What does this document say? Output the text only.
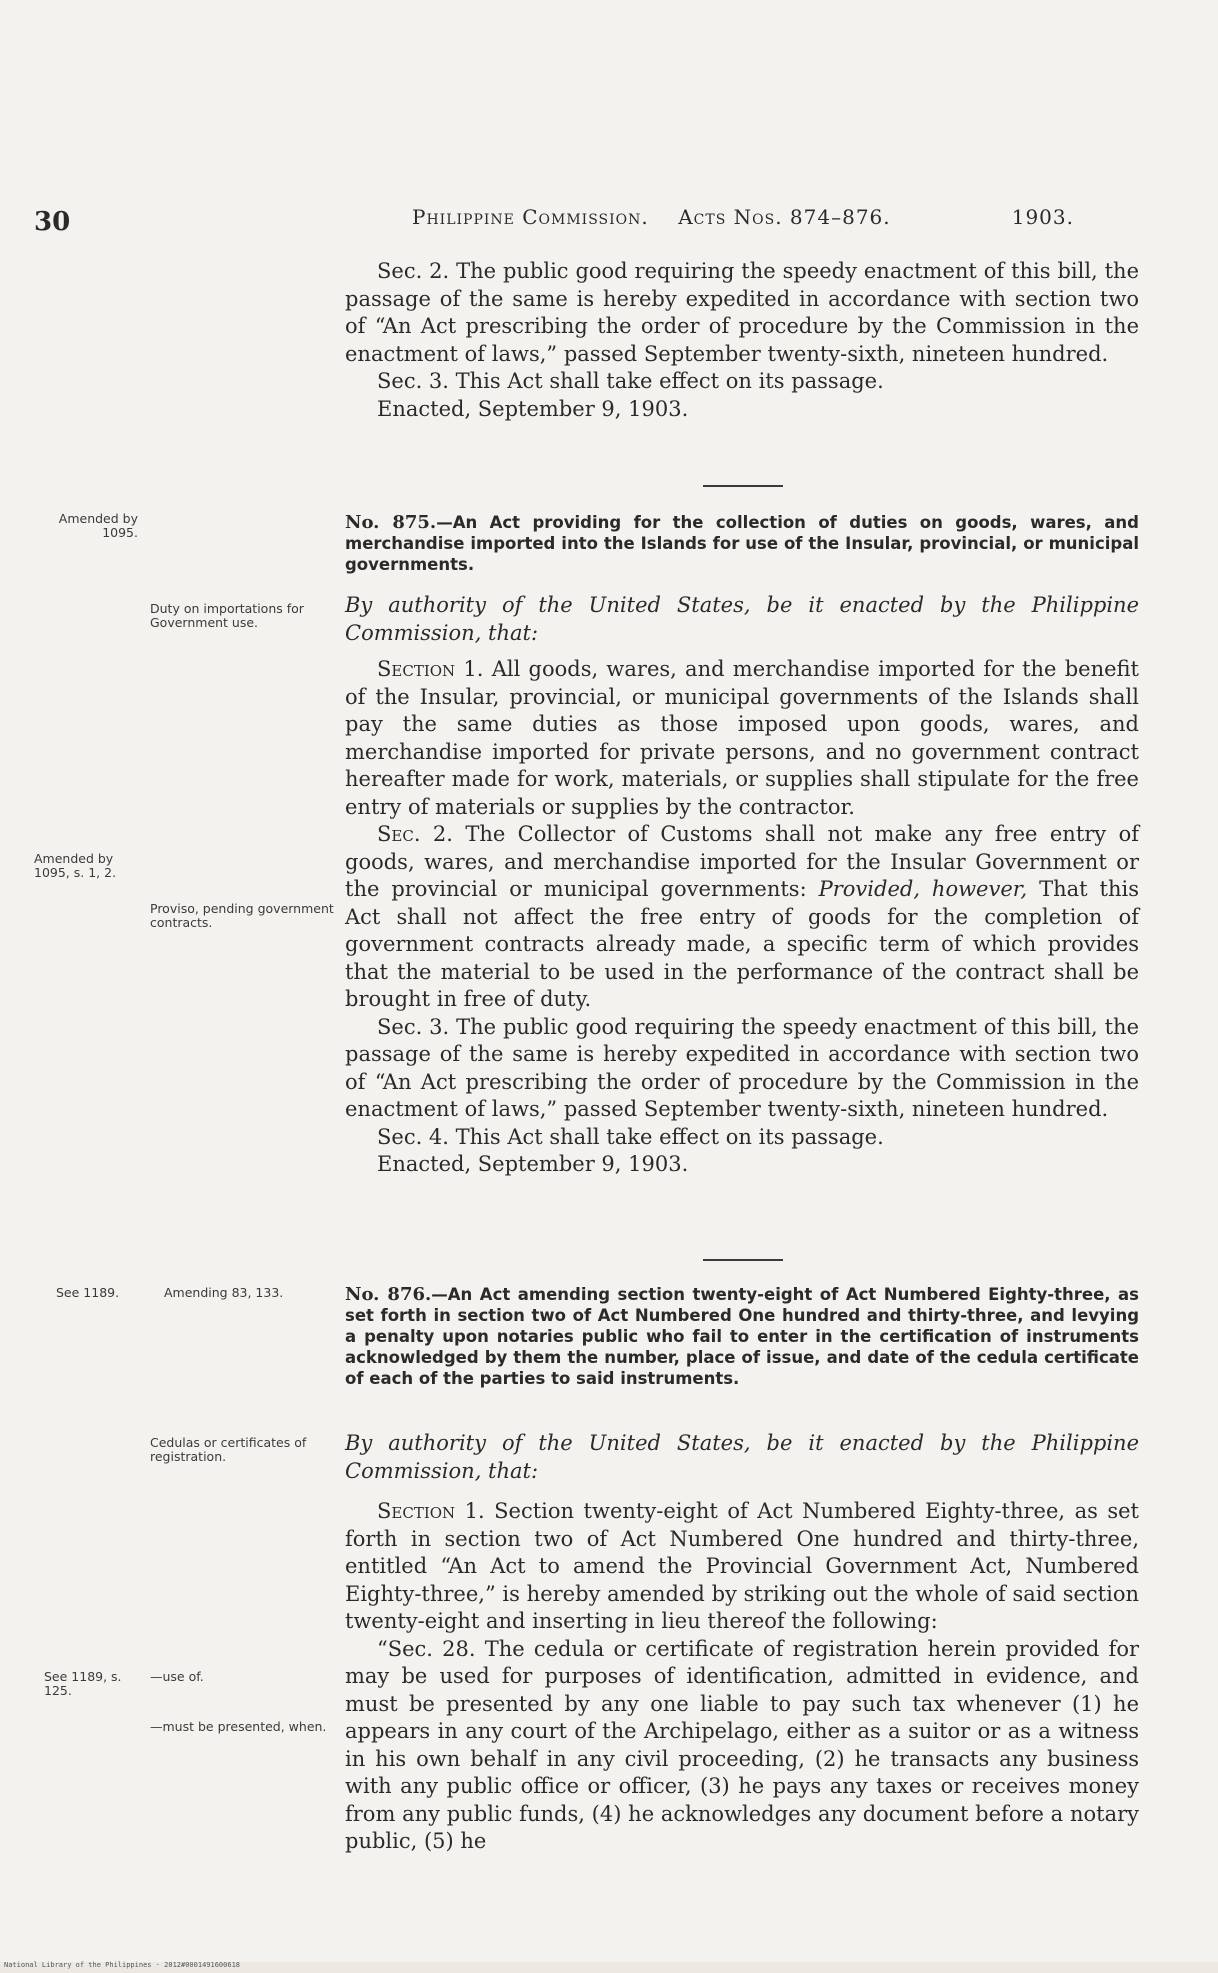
30	Philippine Commission. Acts Nos. 874–876.	1903.

Sec. 2. The public good requiring the speedy enactment of this bill, the passage of the same is hereby expedited in accordance with section two of “An Act prescribing the order of procedure by the Commission in the enactment of laws,” passed September twenty-sixth, nineteen hundred.

Sec. 3. This Act shall take effect on its passage.

Enacted, September 9, 1903.

No. 875.—An Act providing for the collection of duties on goods, wares, and merchandise imported into the Islands for use of the Insular, provincial, or municipal governments.
By authority of the United States, be it enacted by the Philippine Commission, that:

Section 1. All goods, wares, and merchandise imported for the benefit of the Insular, provincial, or municipal governments of the Islands shall pay the same duties as those imposed upon goods, wares, and merchandise imported for private persons, and no government contract hereafter made for work, materials, or supplies shall stipulate for the free entry of materials or supplies by the contractor.

Sec. 2. The Collector of Customs shall not make any free entry of goods, wares, and merchandise imported for the Insular Government or the provincial or municipal governments: Provided, however, That this Act shall not affect the free entry of goods for the completion of government contracts already made, a specific term of which provides that the material to be used in the performance of the contract shall be brought in free of duty.

Sec. 3. The public good requiring the speedy enactment of this bill, the passage of the same is hereby expedited in accordance with section two of “An Act prescribing the order of procedure by the Commission in the enactment of laws,” passed September twenty-sixth, nineteen hundred.

Sec. 4. This Act shall take effect on its passage.

Enacted, September 9, 1903.

No. 876.—An Act amending section twenty-eight of Act Numbered Eighty-three, as set forth in section two of Act Numbered One hundred and thirty-three, and levying a penalty upon notaries public who fail to enter in the certification of instruments acknowledged by them the number, place of issue, and date of the cedula certificate of each of the parties to said instruments.
By authority of the United States, be it enacted by the Philippine Commission, that:

Section 1. Section twenty-eight of Act Numbered Eighty-three, as set forth in section two of Act Numbered One hundred and thirty-three, entitled “An Act to amend the Provincial Government Act, Numbered Eighty-three,” is hereby amended by striking out the whole of said section twenty-eight and inserting in lieu thereof the following:

“Sec. 28. The cedula or certificate of registration herein provided for may be used for purposes of identification, admitted in evidence, and must be presented by any one liable to pay such tax whenever (1) he appears in any court of the Archipelago, either as a suitor or as a witness in his own behalf in any civil proceeding, (2) he transacts any business with any public office or officer, (3) he pays any taxes or receives money from any public funds, (4) he acknowledges any document before a notary public, (5) he

Amended by 1095.
Duty on importations for Government use.
Amended by 1095, s. 1, 2.
Proviso, pending government contracts.
See 1189.	Amending 83, 133.
Cedulas or certificates of registration.
See 1189, s. 125.
—use of.
—must be presented, when.
National Library of the Philippines · 2012#0001491600618
